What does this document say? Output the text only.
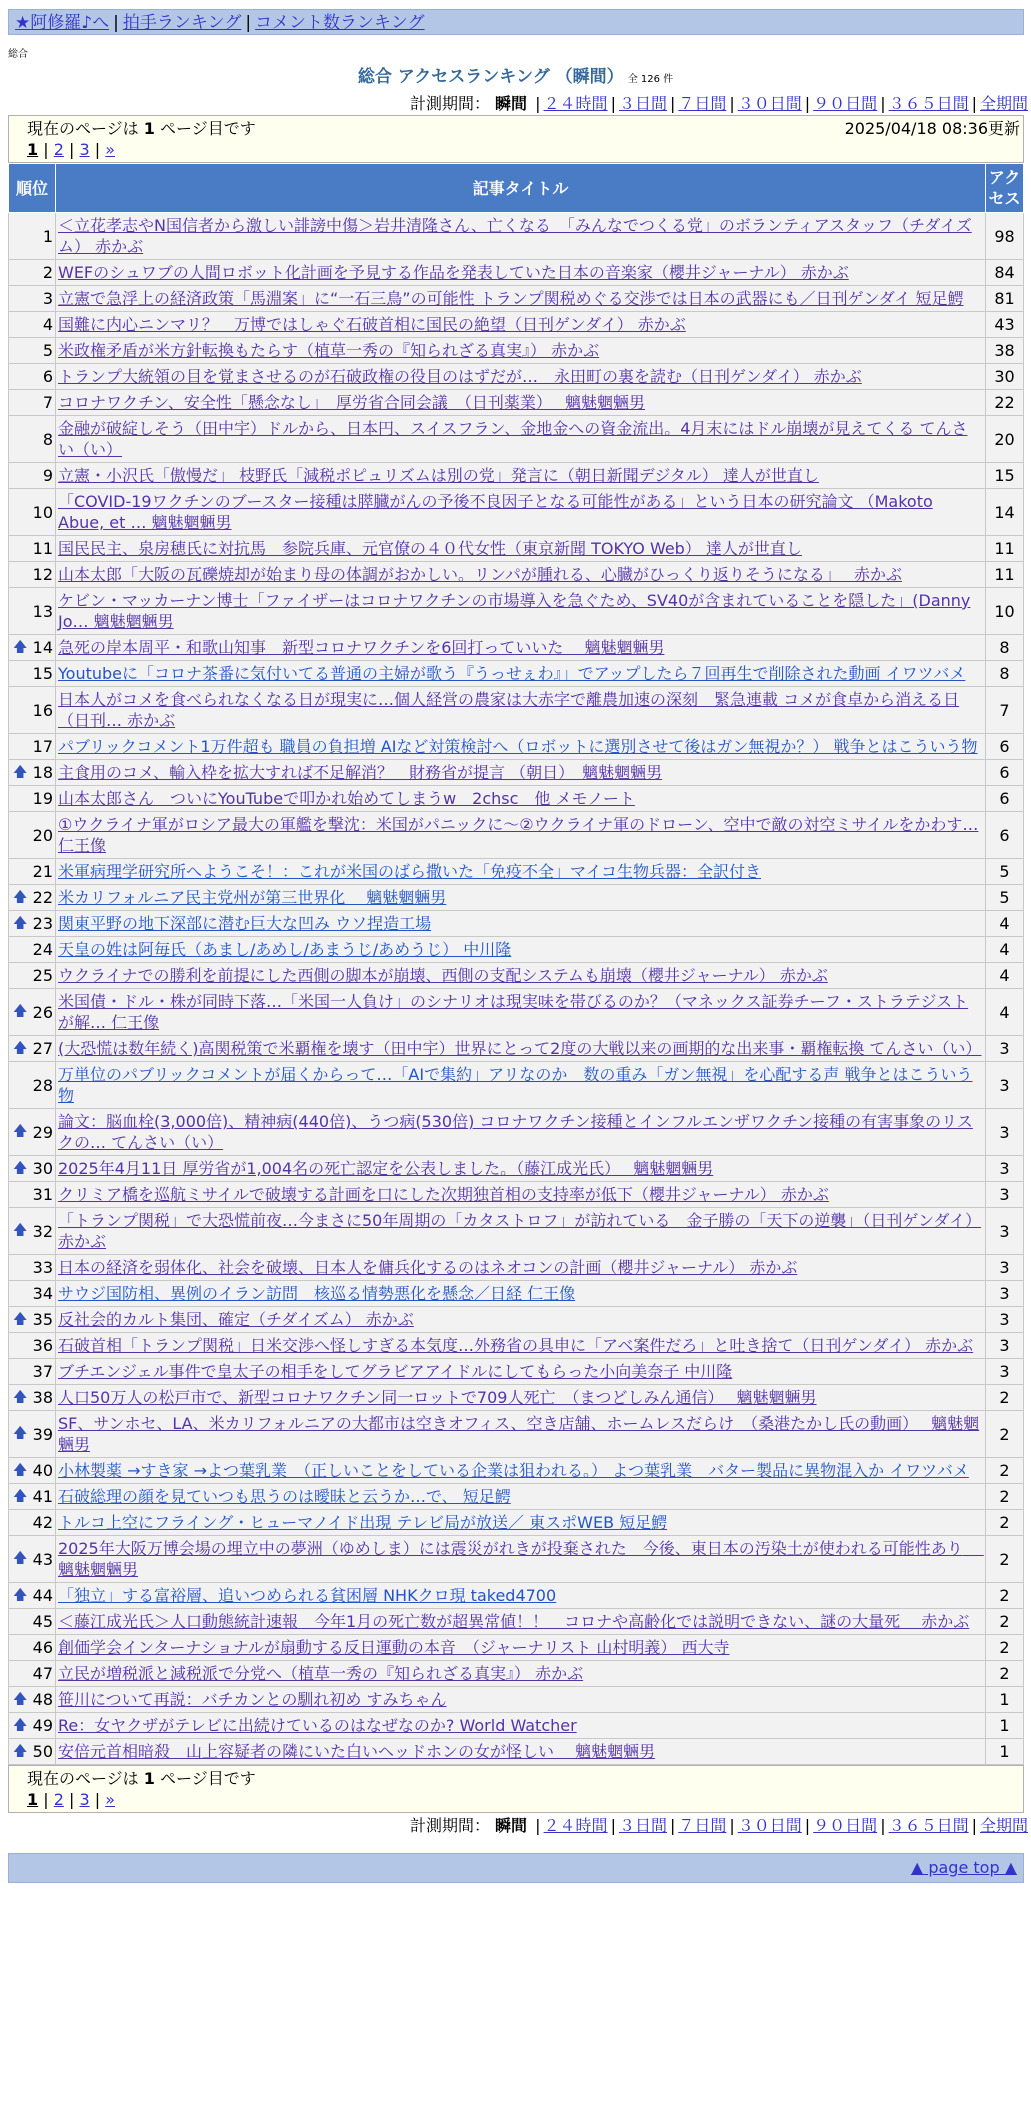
★阿修羅♪へ | 拍手ランキング | コメント数ランキング
総合
総合 アクセスランキング （瞬間） 全 126 件
計測期間： 瞬間 | ２４時間 | ３日間 | ７日間 | ３０日間 | ９０日間 | ３６５日間 | 全期間
現在のページは 1 ページ目です	2025/04/18 08:36更新
1 | 2 | 3 | »
順位	記事タイトル	アクセス
1	＜立花孝志やN国信者から激しい誹謗中傷＞岩井清隆さん、亡くなる　「みんなでつくる党」のボランティアスタッフ（チダイズム） 赤かぶ	98
2	WEFのシュワブの人間ロボット化計画を予見する作品を発表していた日本の音楽家（櫻井ジャーナル） 赤かぶ	84
3	立憲で急浮上の経済政策「馬淵案」に“一石三鳥”の可能性 トランプ関税めぐる交渉では日本の武器にも／日刊ゲンダイ 短足鰐	81
4	国難に内心ニンマリ？　万博ではしゃぐ石破首相に国民の絶望（日刊ゲンダイ） 赤かぶ	43
5	米政権矛盾が米方針転換もたらす（植草一秀の『知られざる真実』） 赤かぶ	38
6	トランプ大統領の目を覚まさせるのが石破政権の役目のはずだが…　永田町の裏を読む（日刊ゲンダイ） 赤かぶ	30
7	コロナワクチン、安全性「懸念なし」　厚労省合同会議　（日刊薬業）　 魑魅魍魎男	22
8	金融が破綻しそう（田中宇）ドルから、日本円、スイスフラン、金地金への資金流出。4月末にはドル崩壊が見えてくる てんさい（い）	20
9	立憲・小沢氏「傲慢だ」 枝野氏「減税ポピュリズムは別の党」発言に（朝日新聞デジタル） 達人が世直し	15
10	「COVID-19ワクチンのブースター接種は膵臓がんの予後不良因子となる可能性がある」という日本の研究論文 （Makoto Abue, et … 魑魅魍魎男	14
11	国民民主、泉房穂氏に対抗馬　参院兵庫、元官僚の４０代女性（東京新聞 TOKYO Web） 達人が世直し	11
12	山本太郎「大阪の瓦礫焼却が始まり母の体調がおかしい。リンパが腫れる、心臓がひっくり返りそうになる」　 赤かぶ	11
13	ケビン・マッカーナン博士「ファイザーはコロナワクチンの市場導入を急ぐため、SV40が含まれていることを隠した」(Danny Jo… 魑魅魍魎男	10

🡅 14	急死の岸本周平・和歌山知事　新型コロナワクチンを6回打っていいた　 魑魅魍魎男	8
15	Youtubeに「コロナ茶番に気付いてる普通の主婦が歌う『うっせぇわ』」でアップしたら７回再生で削除された動画 イワツバメ	8
16	日本人がコメを食べられなくなる日が現実に…個人経営の農家は大赤字で離農加速の深刻　緊急連載 コメが食卓から消える日（日刊… 赤かぶ	7
17	パブリックコメント1万件超も 職員の負担増 AIなど対策検討へ（ロボットに選別させて後はガン無視か？） 戦争とはこういう物	6

🡅 18	主食用のコメ、輸入枠を拡大すれば不足解消？　財務省が提言 （朝日）　魑魅魍魎男	6
19	山本太郎さん　ついにYouTubeで叩かれ始めてしまうw　2chsc　他 メモノート	6
20	①ウクライナ軍がロシア最大の軍艦を撃沈：米国がパニックに～②ウクライナ軍のドローン、空中で敵の対空ミサイルをかわす… 仁王像	6
21	米軍病理学研究所へようこそ！：これが米国のばら撒いた「免疫不全」マイコ生物兵器：全訳付き	5

🡅 22	米カリフォルニア民主党州が第三世界化　 魑魅魍魎男	5

🡅 23	関東平野の地下深部に潜む巨大な凹み ウソ捏造工場	4
24	天皇の姓は阿毎氏（あまし/あめし/あまうじ/あめうじ） 中川隆	4
25	ウクライナでの勝利を前提にした西側の脚本が崩壊、西側の支配システムも崩壊（櫻井ジャーナル） 赤かぶ	4

🡅 26	米国債・ドル・株が同時下落…「米国一人負け」のシナリオは現実味を帯びるのか？（マネックス証券チーフ・ストラテジストが解… 仁王像	4

🡅 27	(大恐慌は数年続く)高関税策で米覇権を壊す（田中宇）世界にとって2度の大戦以来の画期的な出来事・覇権転換 てんさい（い）	3
28	万単位のパブリックコメントが届くからって…「AIで集約」アリなのか　数の重み「ガン無視」を心配する声 戦争とはこういう物	3

🡅 29	論文：脳血栓(3,000倍)、精神病(440倍)、うつ病(530倍) コロナワクチン接種とインフルエンザワクチン接種の有害事象のリスクの… てんさい（い）	3

🡅 30	2025年4月11日 厚労省が1,004名の死亡認定を公表しました。（藤江成光氏）　 魑魅魍魎男	3
31	クリミア橋を巡航ミサイルで破壊する計画を口にした次期独首相の支持率が低下（櫻井ジャーナル） 赤かぶ	3

🡅 32	「トランプ関税」で大恐慌前夜…今まさに50年周期の「カタストロフ」が訪れている　金子勝の「天下の逆襲」（日刊ゲンダイ） 赤かぶ	3
33	日本の経済を弱体化、社会を破壊、日本人を傭兵化するのはネオコンの計画（櫻井ジャーナル） 赤かぶ	3
34	サウジ国防相、異例のイラン訪問　核巡る情勢悪化を懸念／日経 仁王像	3

🡅 35	反社会的カルト集団、確定（チダイズム） 赤かぶ	3
36	石破首相「トランプ関税」日米交渉へ怪しすぎる本気度…外務省の具申に「アベ案件だろ」と吐き捨て（日刊ゲンダイ） 赤かぶ	3
37	ブチエンジェル事件で皇太子の相手をしてグラビアアイドルにしてもらった小向美奈子 中川隆	3

🡅 38	人口50万人の松戸市で、新型コロナワクチン同一ロットで709人死亡　（まつどしみん通信）　 魑魅魍魎男	2

🡅 39	SF、サンホセ、LA、米カリフォルニアの大都市は空きオフィス、空き店舗、ホームレスだらけ　（桑港たかし氏の動画）　 魑魅魍魎男	2

🡅 40	小林製薬 →すき家 →よつ葉乳業　（正しいことをしている企業は狙われる。） よつ葉乳業　バター製品に異物混入か イワツバメ	2

🡅 41	石破総理の顔を見ていつも思うのは曖昧と云うか…で、 短足鰐	2
42	トルコ上空にフライング・ヒューマノイド出現 テレビ局が放送／ 東スポWEB 短足鰐	2

🡅 43	2025年大阪万博会場の埋立中の夢洲（ゆめしま）には震災がれきが投棄された　今後、東日本の汚染土が使われる可能性あり　 魑魅魍魎男	2

🡅 44	「独立」する富裕層、追いつめられる貧困層 NHKクロ現 taked4700	2
45	＜藤江成光氏＞人口動態統計速報　今年1月の死亡数が超異常値！！　コロナや高齢化では説明できない、謎の大量死　 赤かぶ	2
46	創価学会インターナショナルが扇動する反日運動の本音　（ジャーナリスト 山村明義） 西大寺	2
47	立民が増税派と減税派で分党へ（植草一秀の『知られざる真実』） 赤かぶ	2

🡅 48	笹川について再説：バチカンとの馴れ初め すみちゃん	1

🡅 49	Re：女ヤクザがテレビに出続けているのはなぜなのか? World Watcher	1

🡅 50	安倍元首相暗殺　山上容疑者の隣にいた白いヘッドホンの女が怪しい　 魑魅魍魎男	1
現在のページは 1 ページ目です
1 | 2 | 3 | »
計測期間： 瞬間 | ２４時間 | ３日間 | ７日間 | ３０日間 | ９０日間 | ３６５日間 | 全期間
▲ page top ▲
